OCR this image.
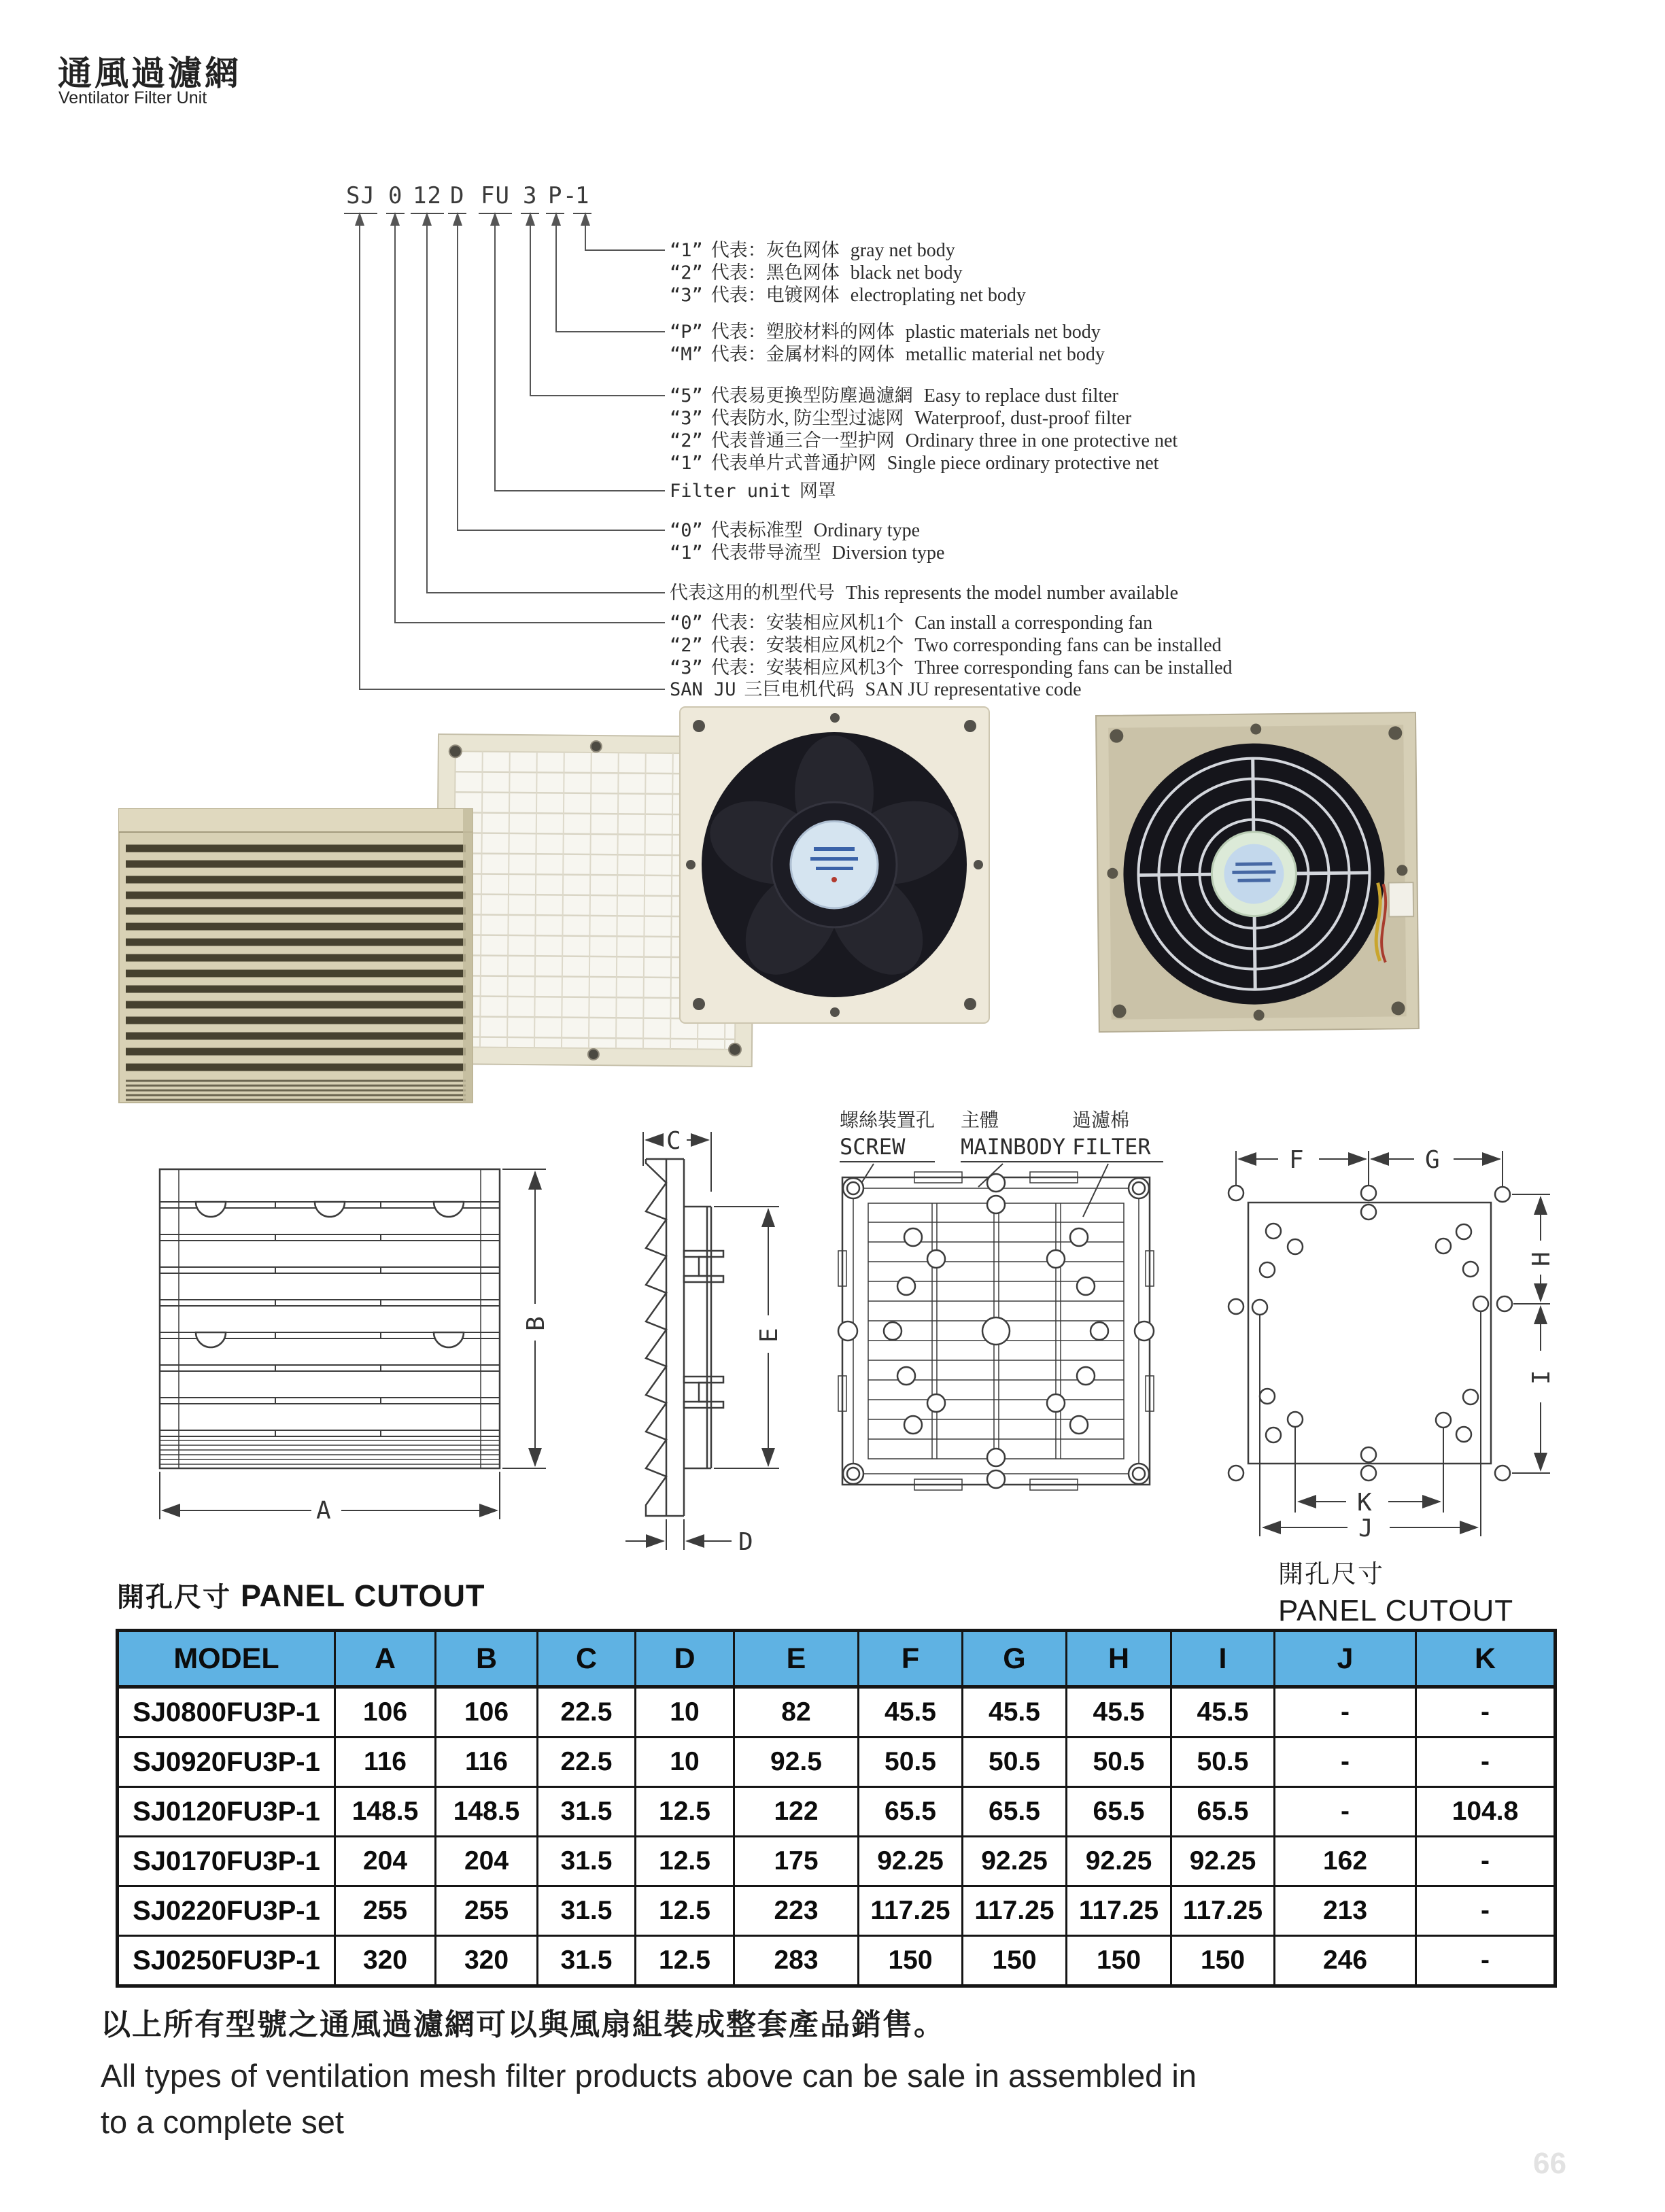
通風過濾網
Ventilator Filter Unit
SJ 0 12 D FU 3 P -
1
“1” 代表：灰色网体 gray net body
“2” 代表：黑色网体 black net body
“3” 代表：电镀网体 electroplating net body
“P” 代表：塑胶材料的网体 plastic materials net body
“M” 代表：金属材料的网体 metallic material net body
“5” 代表易更換型防塵過濾網 Easy to replace dust filter
“3” 代表防水, 防尘型过滤网 Waterproof, dust-proof filter
“2” 代表普通三合一型护网 Ordinary three in one protective net
“1” 代表单片式普通护网 Single piece ordinary protective net
Filter unit 网罩
“0” 代表标准型 Ordinary type
“1” 代表带导流型 Diversion type
代表这用的机型代号 This represents the model number available
“0” 代表：安装相应风机1个 Can install a corresponding fan
“2” 代表：安装相应风机2个 Two corresponding fans can be installed
“3” 代表：安装相应风机3个 Three corresponding fans can be installed
SAN JU 三巨电机代码 SAN JU representative code
A
B
C
E
D
螺絲裝置孔
SCREW
主體
MAINBODY
過濾棉
FILTER	F	G
H
I
K
J
開孔尺寸
PANEL CUTOUT
開孔尺寸 PANEL CUTOUT
MODEL	A	B	C	D	E	F	G	H	I	J	K
SJ0800FU3P-1	106	106	22.5	10	82	45.5	45.5	45.5	45.5	-	-
SJ0920FU3P-1	116	116	22.5	10	92.5	50.5	50.5	50.5	50.5	-	-
SJ0120FU3P-1	148.5	148.5	31.5	12.5	122	65.5	65.5	65.5	65.5	-	104.8
SJ0170FU3P-1	204	204	31.5	12.5	175	92.25	92.25	92.25	92.25	162	-
SJ0220FU3P-1	255	255	31.5	12.5	223	117.25	117.25	117.25	117.25	213	-
SJ0250FU3P-1	320	320	31.5	12.5	283	150	150	150	150	246	-
以上所有型號之通風過濾網可以與風扇組裝成整套產品銷售。
All types of ventilation mesh filter products above can be sale in assembled in
to a complete set
66
